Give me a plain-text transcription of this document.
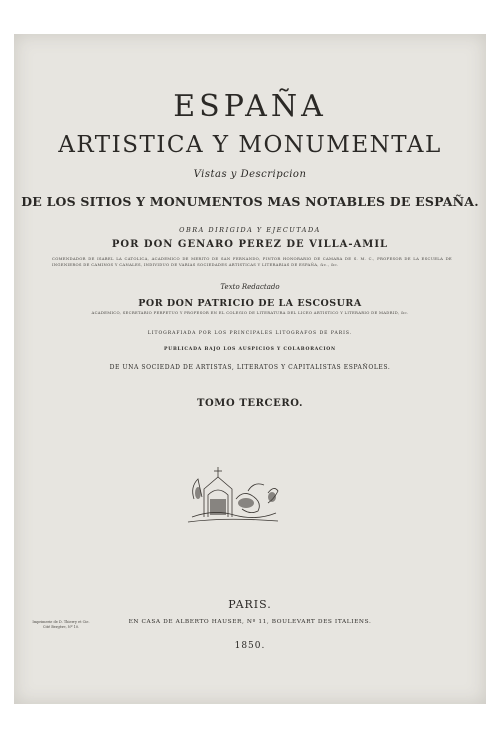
ESPAÑA
ARTISTICA Y MONUMENTAL
Vistas y Descripcion
DE LOS SITIOS Y MONUMENTOS MAS NOTABLES DE ESPAÑA.
OBRA DIRIGIDA Y EJECUTADA
POR DON GENARO PEREZ DE VILLA-AMIL
COMENDADOR DE ISABEL LA CATOLICA, ACADEMICO DE MERITO DE SAN FERNANDO, PINTOR HONORARIO DE CAMARA DE S. M. C., PROFESOR DE LA ESCUELA DE INGENIEROS DE CAMINOS Y CANALES, INDIVIDUO DE VARIAS SOCIEDADES ARTISTICAS Y LITERARIAS DE ESPAÑA, &c., &c.
Texto Redactado
POR DON PATRICIO DE LA ESCOSURA
ACADEMICO, SECRETARIO PERPETUO Y PROFESOR EN EL COLEGIO DE LITERATURA DEL LICEO ARTISTICO Y LITERARIO DE MADRID, &c.
LITOGRAFIADA POR LOS PRINCIPALES LITOGRAFOS DE PARIS.
PUBLICADA BAJO LOS AUSPICIOS Y COLABORACION
DE UNA SOCIEDAD DE ARTISTAS, LITERATOS Y CAPITALISTAS ESPAÑOLES.
TOMO TERCERO.
PARIS.
EN CASA DE ALBERTO HAUSER, Nº 11, BOULEVART DES ITALIENS.
1850.
Imprimerie de D. Thierry et Cie.
Cité Bergère, Nº 10.
